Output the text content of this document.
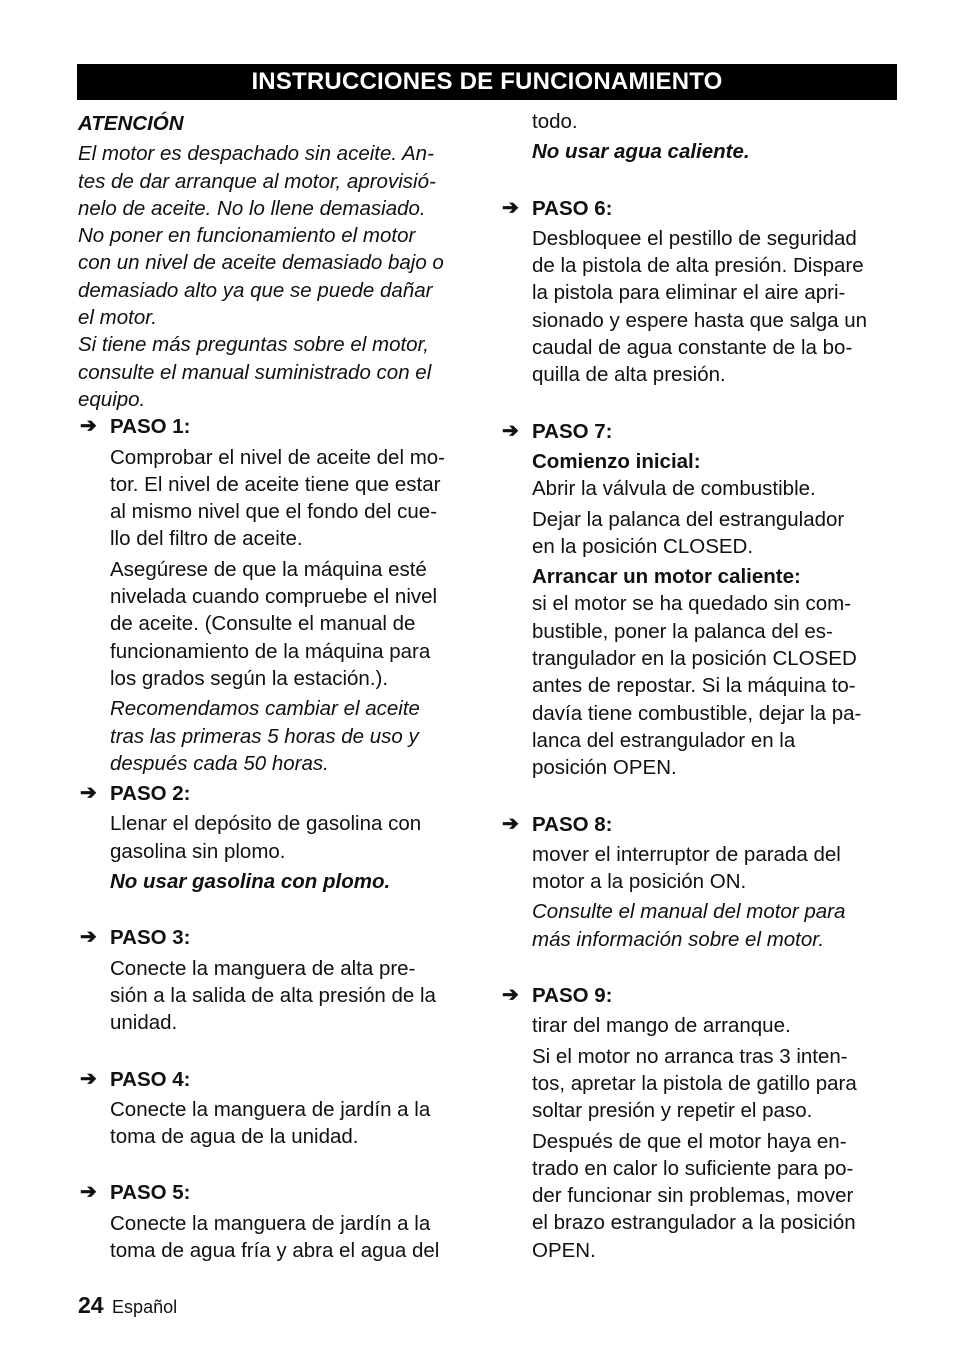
INSTRUCCIONES DE FUNCIONAMIENTO
ATENCIÓN
El motor es despachado sin aceite. An-
tes de dar arranque al motor, aprovisió-
nelo de aceite. No lo llene demasiado.
No poner en funcionamiento el motor
con un nivel de aceite demasiado bajo o
demasiado alto ya que se puede dañar
el motor.
Si tiene más preguntas sobre el motor,
consulte el manual suministrado con el
equipo.
➔ PASO 1:
Comprobar el nivel de aceite del mo-
tor. El nivel de aceite tiene que estar
al mismo nivel que el fondo del cue-
llo del filtro de aceite.
Asegúrese de que la máquina esté
nivelada cuando compruebe el nivel
de aceite. (Consulte el manual de
funcionamiento de la máquina para
los grados según la estación.).
Recomendamos cambiar el aceite
tras las primeras 5 horas de uso y
después cada 50 horas.
➔ PASO 2:
Llenar el depósito de gasolina con
gasolina sin plomo.
No usar gasolina con plomo.
➔ PASO 3:
Conecte la manguera de alta pre-
sión a la salida de alta presión de la
unidad.
➔ PASO 4:
Conecte la manguera de jardín a la
toma de agua de la unidad.
➔ PASO 5:
Conecte la manguera de jardín a la
toma de agua fría y abra el agua del
todo.
No usar agua caliente.
➔ PASO 6:
Desbloquee el pestillo de seguridad
de la pistola de alta presión. Dispare
la pistola para eliminar el aire apri-
sionado y espere hasta que salga un
caudal de agua constante de la bo-
quilla de alta presión.
➔ PASO 7:
Comienzo inicial:
Abrir la válvula de combustible.
Dejar la palanca del estrangulador
en la posición CLOSED.
Arrancar un motor caliente:
si el motor se ha quedado sin com-
bustible, poner la palanca del es-
trangulador en la posición CLOSED
antes de repostar. Si la máquina to-
davía tiene combustible, dejar la pa-
lanca del estrangulador en la
posición OPEN.
➔ PASO 8:
mover el interruptor de parada del
motor a la posición ON.
Consulte el manual del motor para
más información sobre el motor.
➔ PASO 9:
tirar del mango de arranque.
Si el motor no arranca tras 3 inten-
tos, apretar la pistola de gatillo para
soltar presión y repetir el paso.
Después de que el motor haya en-
trado en calor lo suficiente para po-
der funcionar sin problemas, mover
el brazo estrangulador a la posición
OPEN.
24 Español
